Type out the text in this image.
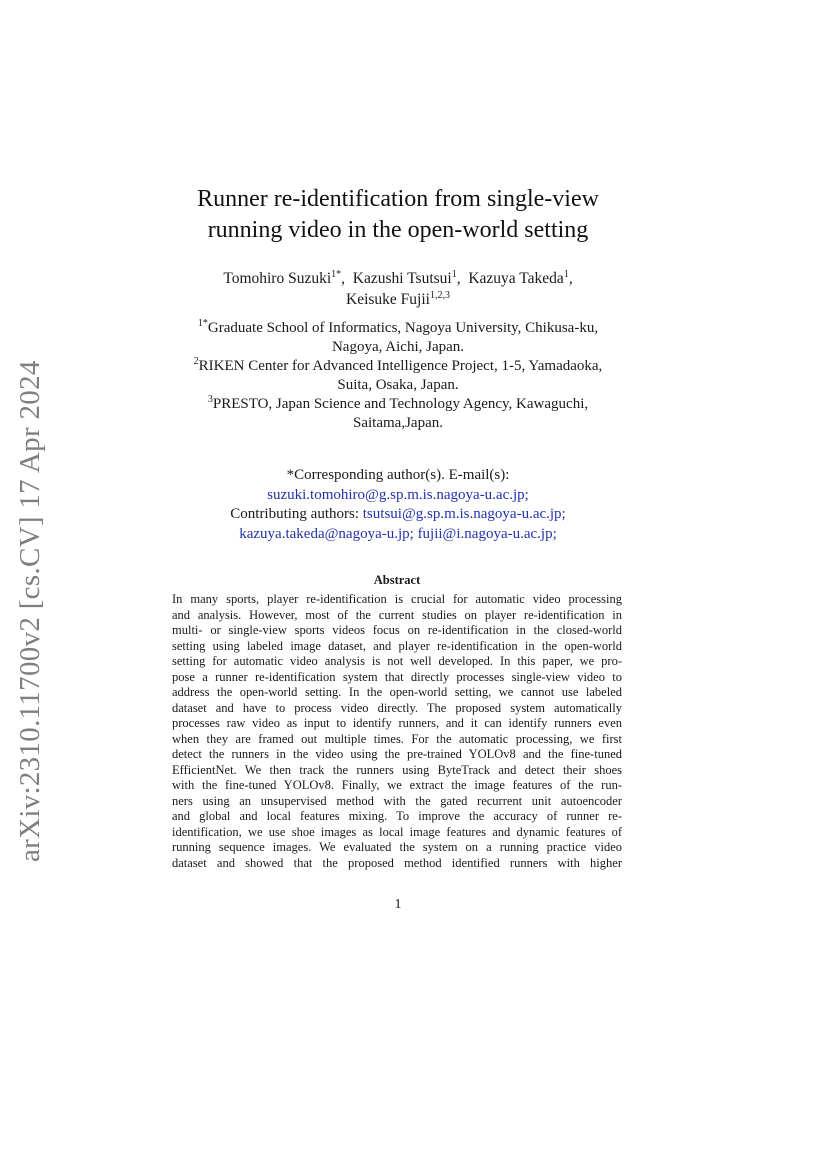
arXiv:2310.11700v2 [cs.CV] 17 Apr 2024
Runner re-identification from single-view
running video in the open-world setting
Tomohiro Suzuki$^{1*}$,  Kazushi Tsutsui$^1$,  Kazuya Takeda$^1$,
Keisuke Fujii$^{1,2,3}$
$^{1*}$Graduate School of Informatics, Nagoya University, Chikusa-ku,
Nagoya, Aichi, Japan.
$^2$RIKEN Center for Advanced Intelligence Project, 1-5, Yamadaoka,
Suita, Osaka, Japan.
$^3$PRESTO, Japan Science and Technology Agency, Kawaguchi,
Saitama,Japan.
*Corresponding author(s). E-mail(s):
suzuki.tomohiro@g.sp.m.is.nagoya-u.ac.jp;
Contributing authors: tsutsui@g.sp.m.is.nagoya-u.ac.jp;
kazuya.takeda@nagoya-u.jp; fujii@i.nagoya-u.ac.jp;
Abstract
In many sports, player re-identification is crucial for automatic video processing
and analysis. However, most of the current studies on player re-identification in
multi- or single-view sports videos focus on re-identification in the closed-world
setting using labeled image dataset, and player re-identification in the open-world
setting for automatic video analysis is not well developed. In this paper, we pro-
pose a runner re-identification system that directly processes single-view video to
address the open-world setting. In the open-world setting, we cannot use labeled
dataset and have to process video directly. The proposed system automatically
processes raw video as input to identify runners, and it can identify runners even
when they are framed out multiple times. For the automatic processing, we first
detect the runners in the video using the pre-trained YOLOv8 and the fine-tuned
EfficientNet. We then track the runners using ByteTrack and detect their shoes
with the fine-tuned YOLOv8. Finally, we extract the image features of the run-
ners using an unsupervised method with the gated recurrent unit autoencoder
and global and local features mixing. To improve the accuracy of runner re-
identification, we use shoe images as local image features and dynamic features of
running sequence images. We evaluated the system on a running practice video
dataset and showed that the proposed method identified runners with higher
1
